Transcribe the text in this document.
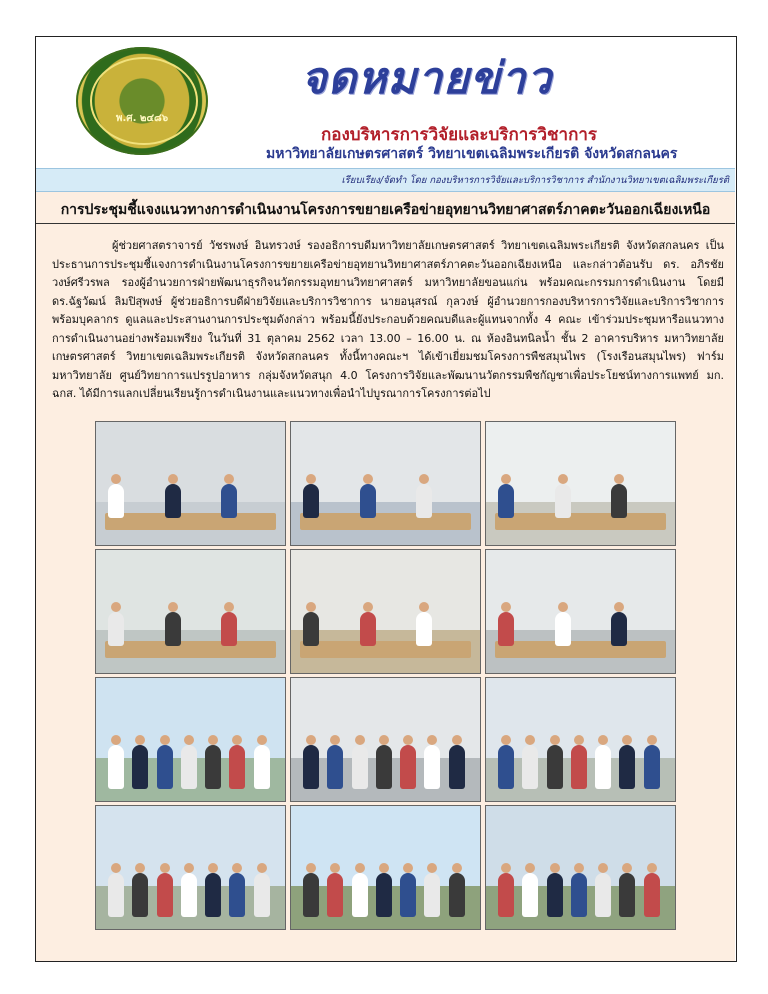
พ.ศ. ๒๔๘๖
จดหมายข่าว
กองบริหารการวิจัยและบริการวิชาการ
มหาวิทยาลัยเกษตรศาสตร์ วิทยาเขตเฉลิมพระเกียรติ จังหวัดสกลนคร
เรียบเรียง/จัดทำ โดย กองบริหารการวิจัยและบริการวิชาการ สำนักงานวิทยาเขตเฉลิมพระเกียรติ
การประชุมชี้แจงแนวทางการดำเนินงานโครงการขยายเครือข่ายอุทยานวิทยาศาสตร์ภาคตะวันออกเฉียงเหนือ
ผู้ช่วยศาสตราจารย์ วัชรพงษ์ อินทรวงษ์ รองอธิการบดีมหาวิทยาลัยเกษตรศาสตร์ วิทยาเขตเฉลิมพระเกียรติ จังหวัดสกลนคร เป็นประธานการประชุมชี้แจงการดำเนินงานโครงการขยายเครือข่ายอุทยานวิทยาศาสตร์ภาคตะวันออกเฉียงเหนือ และกล่าวต้อนรับ ดร. อภิรชัย วงษ์ศรีวรพล รองผู้อำนวยการฝ่ายพัฒนาธุรกิจนวัตกรรมอุทยานวิทยาศาสตร์ มหาวิทยาลัยขอนแก่น พร้อมคณะกรรมการดำเนินงาน โดยมี ดร.ฉัฐวัฒน์ ลิมปิสุพงษ์ ผู้ช่วยอธิการบดีฝ่ายวิจัยและบริการวิชาการ นายอนุสรณ์ กุลวงษ์ ผู้อำนวยการกองบริหารการวิจัยและบริการวิชาการ พร้อมบุคลากร ดูแลและประสานงานการประชุมดังกล่าว พร้อมนี้ยังประกอบด้วยคณบดีและผู้แทนจากทั้ง 4 คณะ เข้าร่วมประชุมหารือแนวทางการดำเนินงานอย่างพร้อมเพรียง ในวันที่ 31 ตุลาคม 2562 เวลา 13.00 – 16.00 น. ณ ห้องอินทนิลน้ำ ชั้น 2 อาคารบริหาร มหาวิทยาลัยเกษตรศาสตร์ วิทยาเขตเฉลิมพระเกียรติ จังหวัดสกลนคร ทั้งนี้ทางคณะฯ ได้เข้าเยี่ยมชมโครงการพืชสมุนไพร (โรงเรือนสมุนไพร) ฟาร์มมหาวิทยาลัย ศูนย์วิทยาการแปรรูปอาหาร กลุ่มจังหวัดสนุก 4.0 โครงการวิจัยและพัฒนานวัตกรรมพืชกัญชาเพื่อประโยชน์ทางการแพทย์ มก. ฉกส. ได้มีการแลกเปลี่ยนเรียนรู้การดำเนินงานและแนวทางเพื่อนำไปบูรณาการโครงการต่อไป
